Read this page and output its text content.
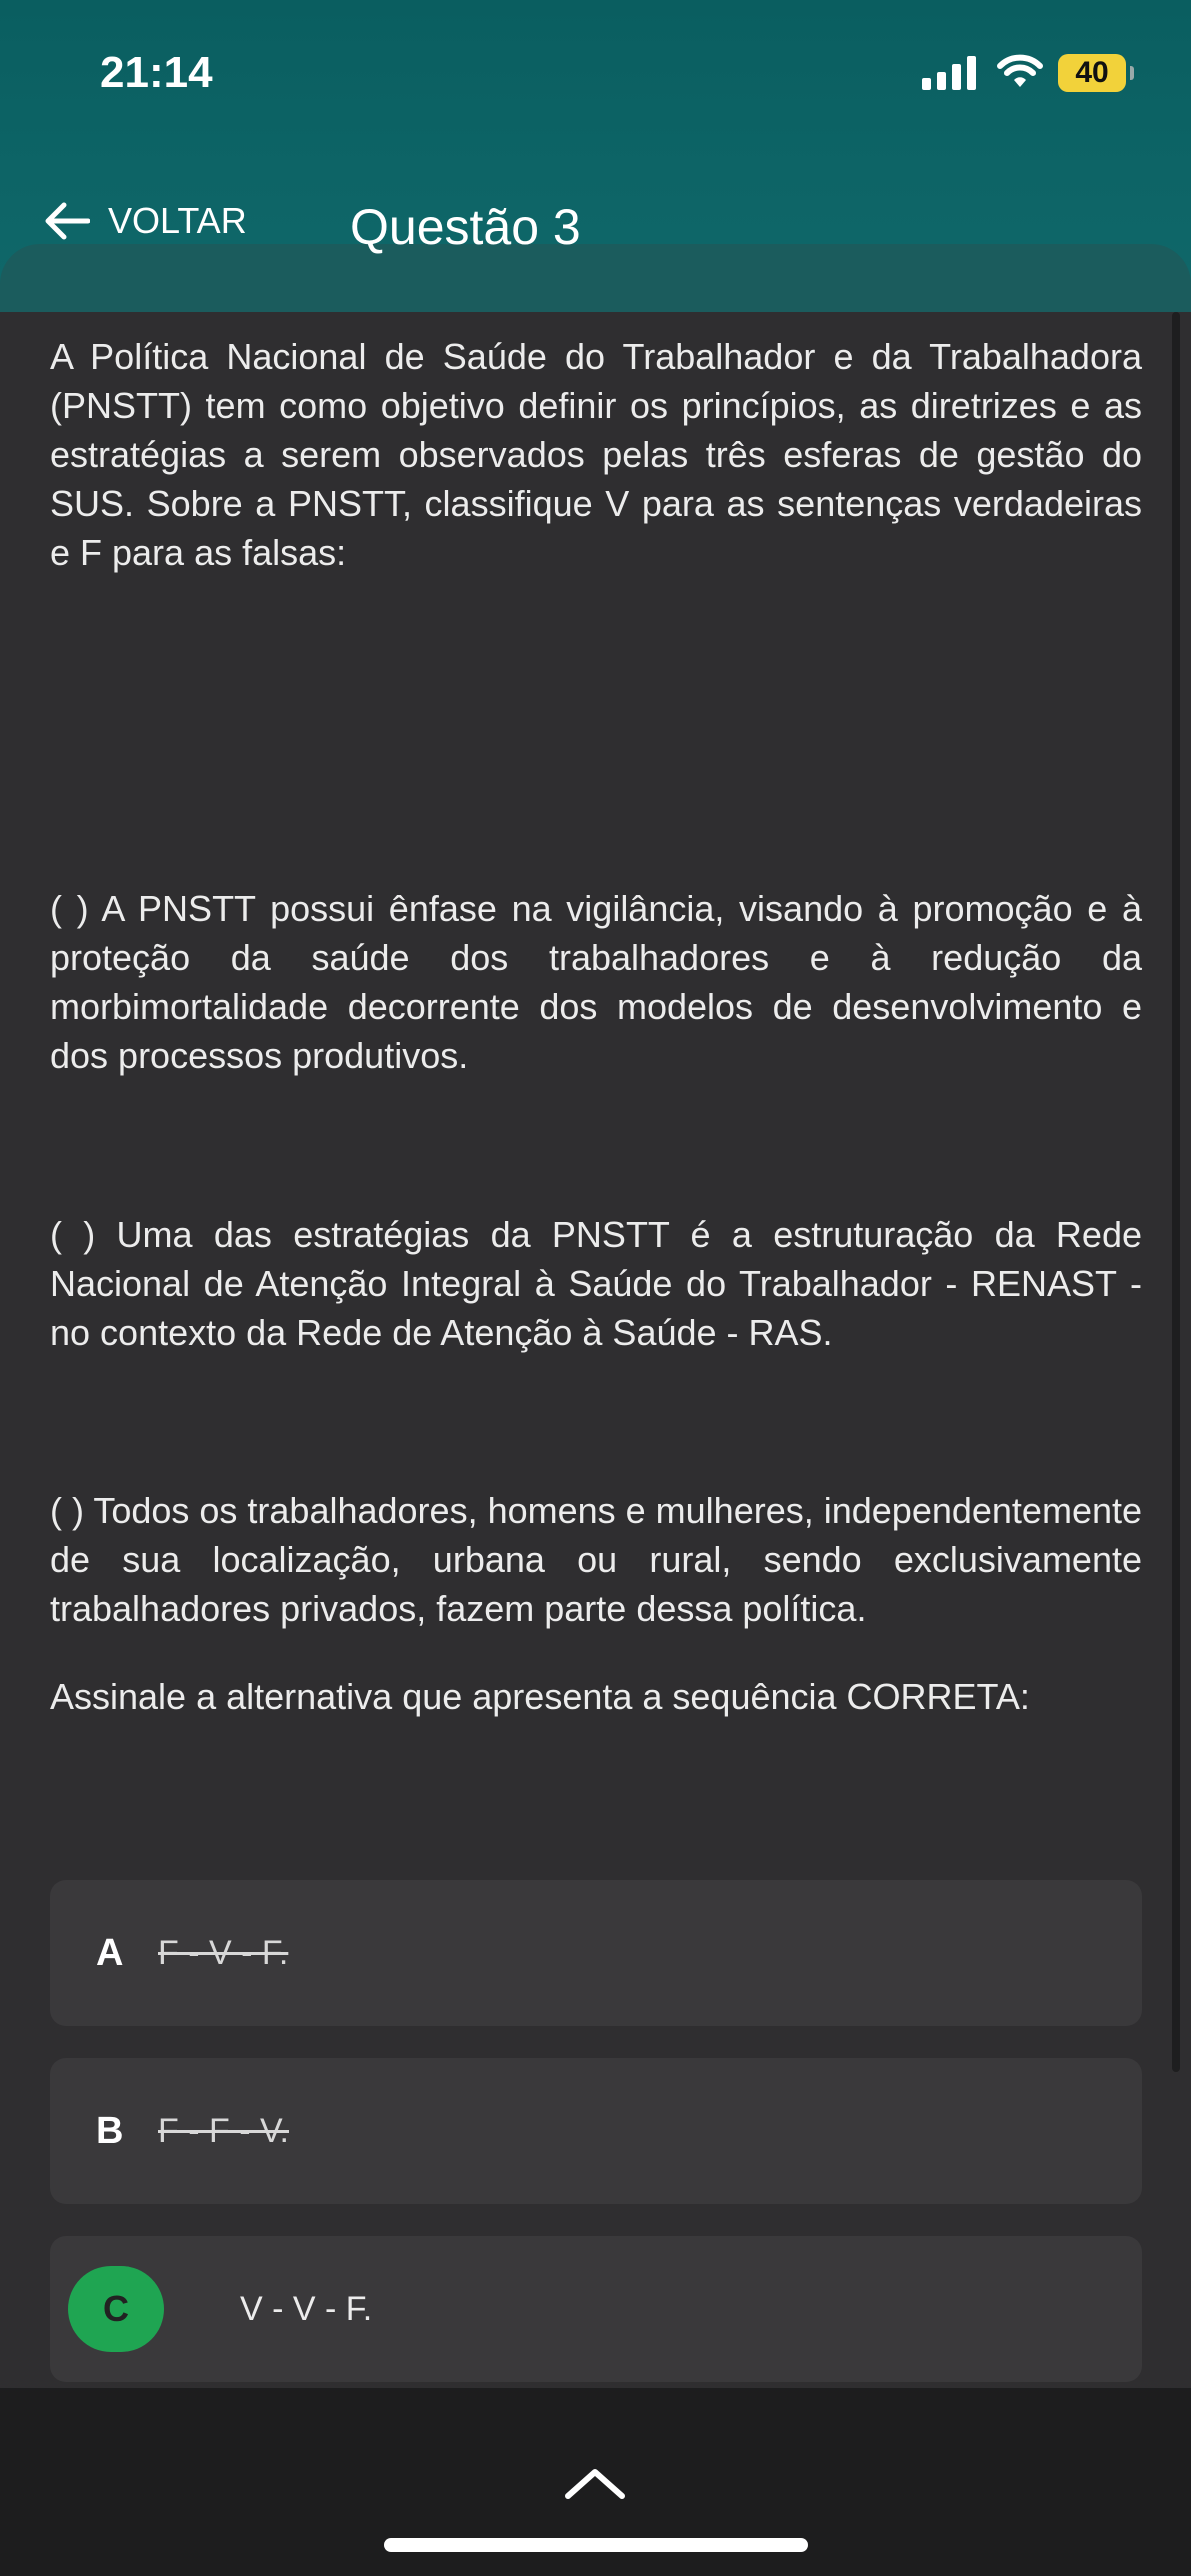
21:14	40
VOLTAR Questão 3
A Política Nacional de Saúde do Trabalhador e da Trabalhadora (PNSTT) tem como objetivo definir os princípios, as diretrizes e as estratégias a serem observados pelas três esferas de gestão do SUS. Sobre a PNSTT, classifique V para as sentenças verdadeiras e F para as falsas:
( ) A PNSTT possui ênfase na vigilância, visando à promoção e à proteção da saúde dos trabalhadores e à redução da morbimortalidade decorrente dos modelos de desenvolvimento e dos processos produtivos.
( ) Uma das estratégias da PNSTT é a estruturação da Rede Nacional de Atenção Integral à Saúde do Trabalhador - RENAST - no contexto da Rede de Atenção à Saúde - RAS.
( ) Todos os trabalhadores, homens e mulheres, independentemente de sua localização, urbana ou rural, sendo exclusivamente trabalhadores privados, fazem parte dessa política.
Assinale a alternativa que apresenta a sequência CORRETA:
A	F - V - F.
B	F - F - V.
C	V - V - F.
